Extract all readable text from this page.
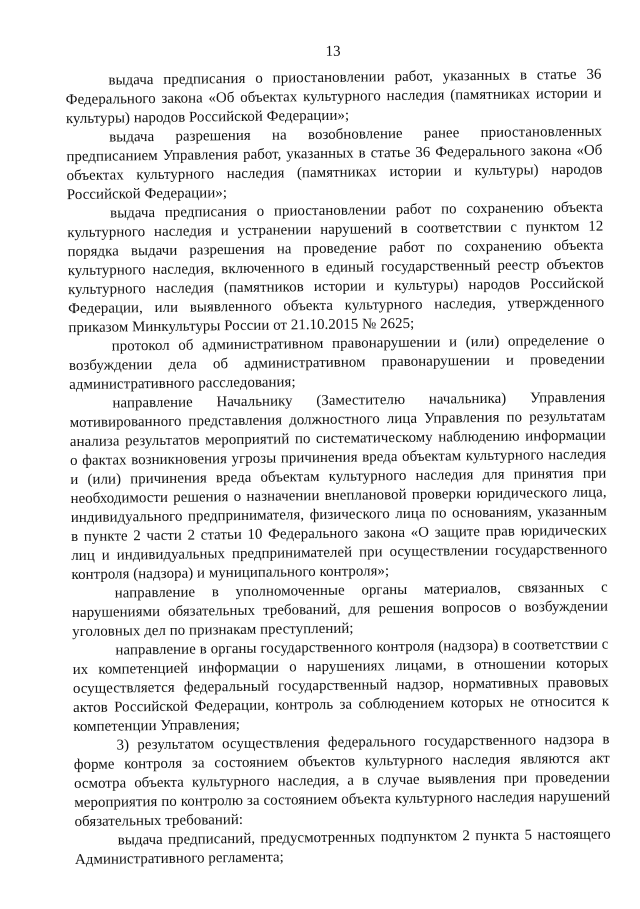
13

выдача предписания о приостановлении работ, указанных в статье 36 Федерального закона «Об объектах культурного наследия (памятниках истории и культуры) народов Российской Федерации»;

выдача разрешения на возобновление ранее приостановленных предписанием Управления работ, указанных в статье 36 Федерального закона «Об объектах культурного наследия (памятниках истории и культуры) народов Российской Федерации»;

выдача предписания о приостановлении работ по сохранению объекта культурного наследия и устранении нарушений в соответствии с пунктом 12 порядка выдачи разрешения на проведение работ по сохранению объекта культурного наследия, включенного в единый государственный реестр объектов культурного наследия (памятников истории и культуры) народов Российской Федерации, или выявленного объекта культурного наследия, утвержденного приказом Минкультуры России от 21.10.2015 № 2625;

протокол об административном правонарушении и (или) определение о возбуждении дела об административном правонарушении и проведении административного расследования;

направление Начальнику (Заместителю начальника) Управления мотивированного представления должностного лица Управления по результатам анализа результатов мероприятий по систематическому наблюдению информации о фактах возникновения угрозы причинения вреда объектам культурного наследия и (или) причинения вреда объектам культурного наследия для принятия при необходимости решения о назначении внеплановой проверки юридического лица, индивидуального предпринимателя, физического лица по основаниям, указанным в пункте 2 части 2 статьи 10 Федерального закона «О защите прав юридических лиц и индивидуальных предпринимателей при осуществлении государственного контроля (надзора) и муниципального контроля»;

направление в уполномоченные органы материалов, связанных с нарушениями обязательных требований, для решения вопросов о возбуждении уголовных дел по признакам преступлений;

направление в органы государственного контроля (надзора) в соответствии с их компетенцией информации о нарушениях лицами, в отношении которых осуществляется федеральный государственный надзор, нормативных правовых актов Российской Федерации, контроль за соблюдением которых не относится к компетенции Управления;

3) результатом осуществления федерального государственного надзора в форме контроля за состоянием объектов культурного наследия являются акт осмотра объекта культурного наследия, а в случае выявления при проведении мероприятия по контролю за состоянием объекта культурного наследия нарушений обязательных требований:

выдача предписаний, предусмотренных подпунктом 2 пункта 5 настоящего Административного регламента;
